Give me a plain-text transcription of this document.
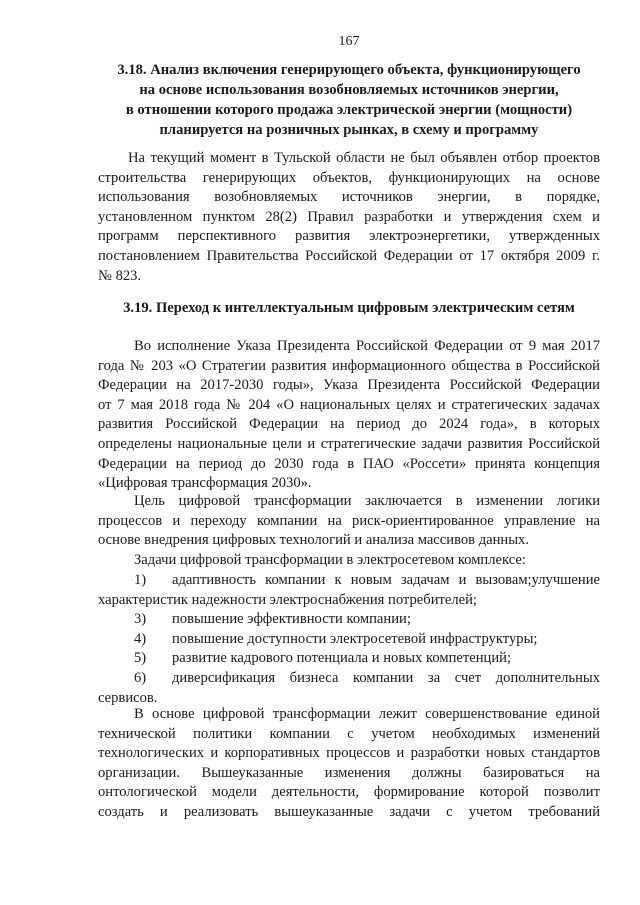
167
3.18. Анализ включения генерирующего объекта, функционирующего
на основе использования возобновляемых источников энергии,
в отношении которого продажа электрической энергии (мощности)
планируется на розничных рынках, в схему и программу
На текущий момент в Тульской области не был объявлен отбор проектов
строительства генерирующих объектов, функционирующих на основе
использования возобновляемых источников энергии, в порядке,
установленном пунктом 28(2) Правил разработки и утверждения схем и
программ перспективного развития электроэнергетики, утвержденных
постановлением Правительства Российской Федерации от 17 октября 2009 г.
№ 823.
3.19. Переход к интеллектуальным цифровым электрическим сетям
Во исполнение Указа Президента Российской Федерации от 9 мая 2017
года № 203 «О Стратегии развития информационного общества в Российской
Федерации на 2017-2030 годы», Указа Президента Российской Федерации
от 7 мая 2018 года № 204 «О национальных целях и стратегических задачах
развития Российской Федерации на период до 2024 года», в которых
определены национальные цели и стратегические задачи развития Российской
Федерации на период до 2030 года в ПАО «Россети» принята концепция
«Цифровая трансформация 2030».
Цель цифровой трансформации заключается в изменении логики
процессов и переходу компании на риск-ориентированное управление на
основе внедрения цифровых технологий и анализа массивов данных.
Задачи цифровой трансформации в электросетевом комплексе:
1)	адаптивность компании к новым задачам и вызовам;улучшение
характеристик надежности электроснабжения потребителей;
3)	повышение эффективности компании;
4)	повышение доступности электросетевой инфраструктуры;
5)	развитие кадрового потенциала и новых компетенций;
6)	диверсификация бизнеса компании за счет дополнительных
сервисов.
В основе цифровой трансформации лежит совершенствование единой
технической политики компании с учетом необходимых изменений
технологических и корпоративных процессов и разработки новых стандартов
организации. Вышеуказанные изменения должны базироваться на
онтологической модели деятельности, формирование которой позволит
создать и реализовать вышеуказанные задачи с учетом требований
